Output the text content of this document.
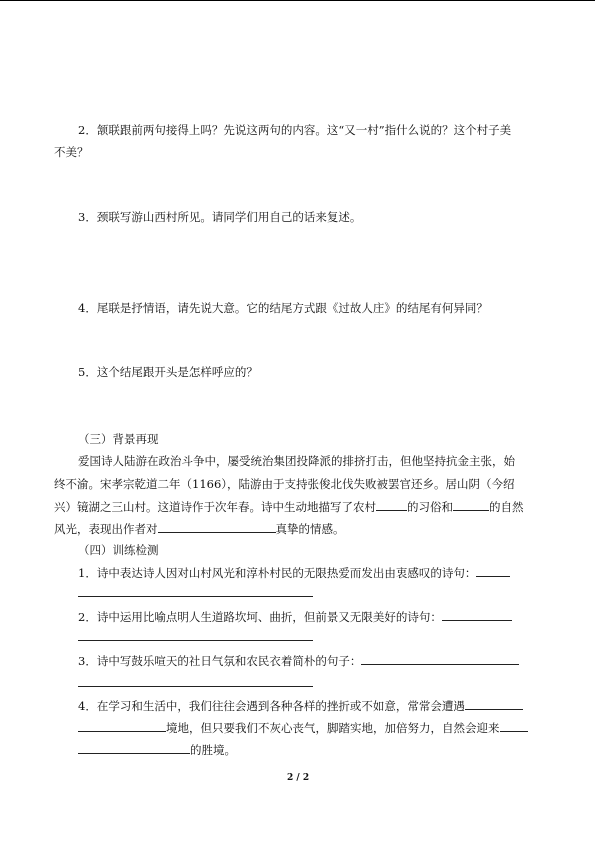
2．颔联跟前两句接得上吗？先说这两句的内容。这“又一村”指什么说的？这个村子美
不美？
3．颈联写游山西村所见。请同学们用自己的话来复述。
4．尾联是抒情语，请先说大意。它的结尾方式跟《过故人庄》的结尾有何异同？
5．这个结尾跟开头是怎样呼应的？
（三）背景再现
爱国诗人陆游在政治斗争中，屡受统治集团投降派的排挤打击，但他坚持抗金主张，始
终不渝。宋孝宗乾道二年（1166），陆游由于支持张俊北伐失败被罢官还乡。居山阴（今绍
兴）镜湖之三山村。这道诗作于次年春。诗中生动地描写了农村	的习俗和	的自然
风光，表现出作者对	真挚的情感。
（四）训练检测
1．诗中表达诗人因对山村风光和淳朴村民的无限热爱而发出由衷感叹的诗句：
2．诗中运用比喻点明人生道路坎坷、曲折，但前景又无限美好的诗句：
3．诗中写鼓乐喧天的社日气氛和农民衣着简朴的句子：
4．在学习和生活中，我们往往会遇到各种各样的挫折或不如意，常常会遭遇
境地，但只要我们不灰心丧气，脚踏实地，加倍努力，自然会迎来
的胜境。
2 / 2
